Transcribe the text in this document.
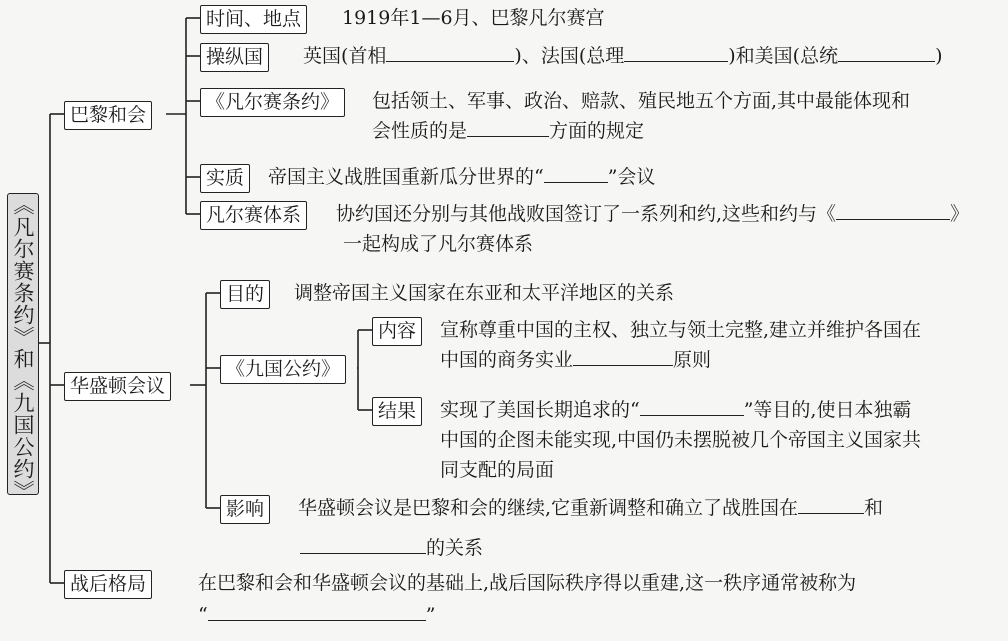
《凡尔赛条约》和《九国公约》
巴黎和会
华盛顿会议
战后格局
时间、地点	1919年1—6月、巴黎凡尔赛宫
操纵国	英国(首相	)、法国(总理	)和美国(总统	)
《凡尔赛条约》	包括领土、军事、政治、赔款、殖民地五个方面,其中最能体现和
会性质的是	方面的规定
实质	帝国主义战胜国重新瓜分世界的“	”会议
凡尔赛体系	协约国还分别与其他战败国签订了一系列和约,这些和约与《	》
一起构成了凡尔赛体系
目的	调整帝国主义国家在东亚和太平洋地区的关系
《九国公约》
内容	宣称尊重中国的主权、独立与领土完整,建立并维护各国在
中国的商务实业	原则
结果	实现了美国长期追求的“	”等目的,使日本独霸
中国的企图未能实现,中国仍未摆脱被几个帝国主义国家共
同支配的局面
影响	华盛顿会议是巴黎和会的继续,它重新调整和确立了战胜国在	和
的关系
在巴黎和会和华盛顿会议的基础上,战后国际秩序得以重建,这一秩序通常被称为
“	”
